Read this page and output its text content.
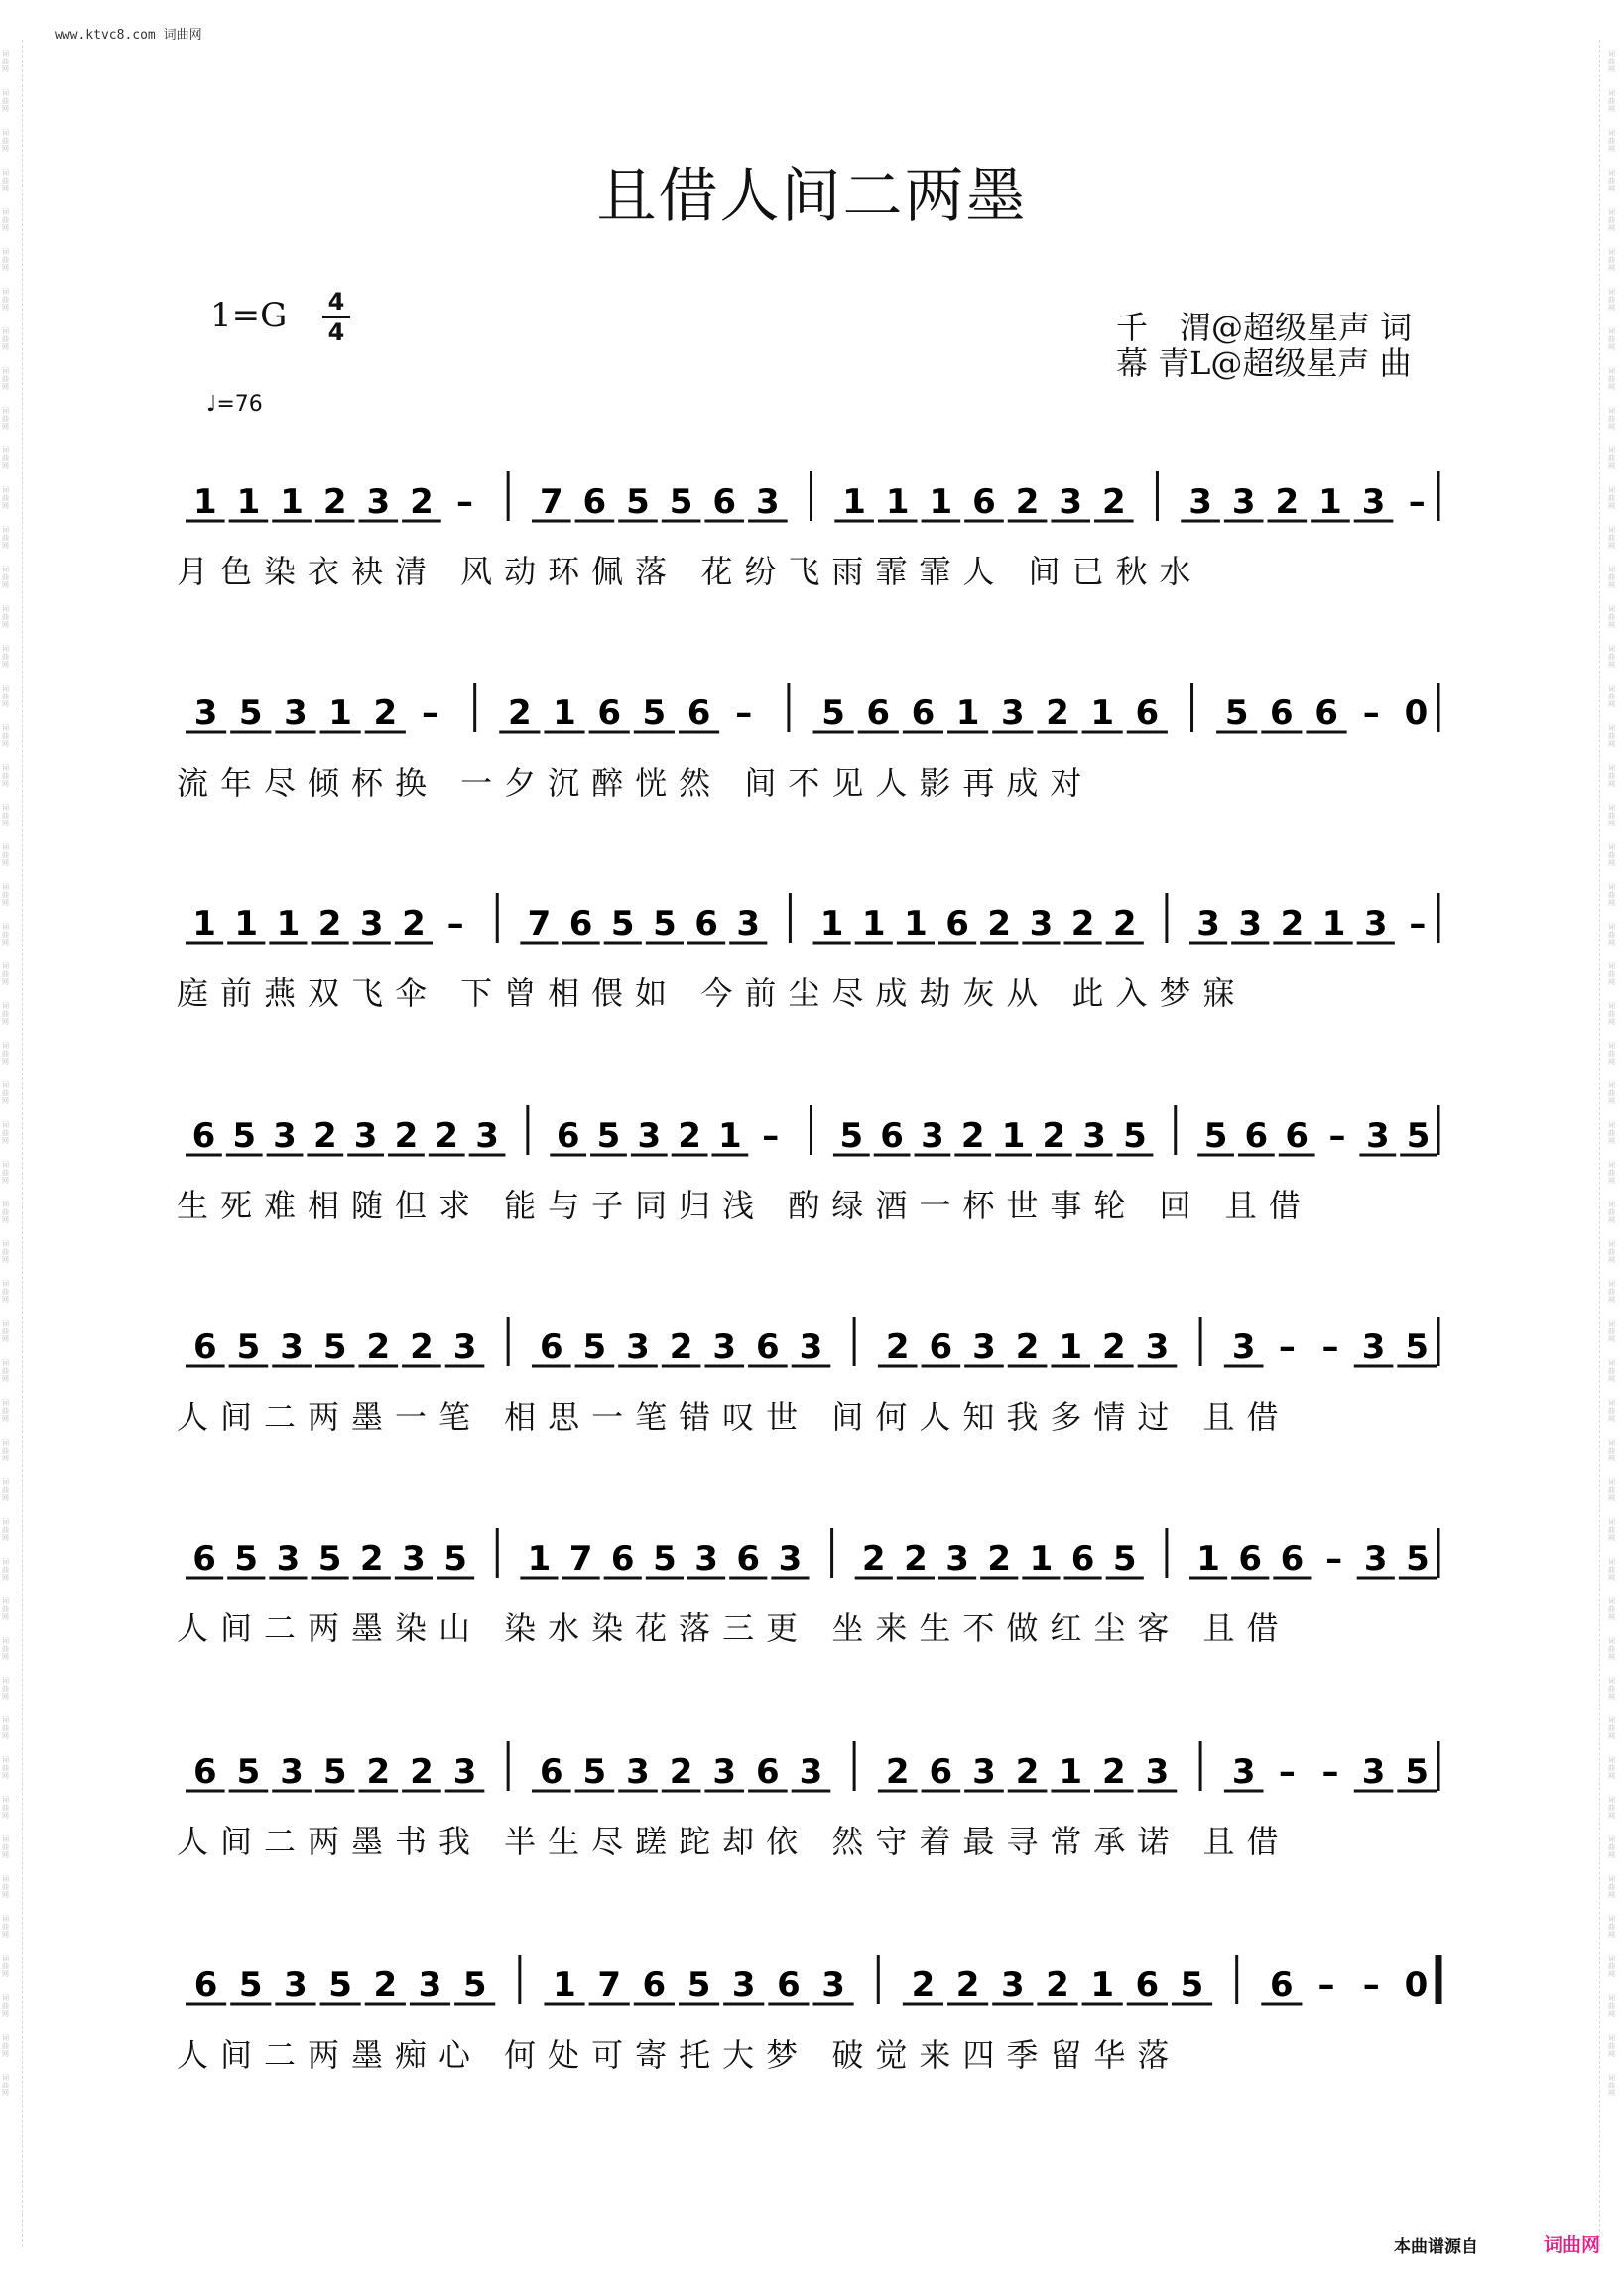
词
曲
网

词
曲
网

词
曲
网

词
曲
网

词
曲
网

词
曲
网

词
曲
网

词
曲
网

词
曲
网

词
曲
网

词
曲
网

词
曲
网

词
曲
网

词
曲
网

词
曲
网

词
曲
网

词
曲
网

词
曲
网

词
曲
网

词
曲
网

词
曲
网

词
曲
网

词
曲
网

词
曲
网

词
曲
网

词
曲
网

词
曲
网

词
曲
网

词
曲
网

词
曲
网

词
曲
网

词
曲
网

词
曲
网

词
曲
网

词
曲
网

词
曲
网

词
曲
网

词
曲
网

词
曲
网

词
曲
网

词
曲
网

词
曲
网

词
曲
网

词
曲
网

词
曲
网

词
曲
网

词
曲
网

词
曲
网

词
曲
网

词
曲
网

词
曲
网

词
曲
网

词
曲
网

词
曲
网

词
曲
网

词
曲
网

词
曲
网

词
曲
网

词
曲
网

词
曲
网

词
曲
网

词
曲
网

词
曲
网

词
曲
网

词
曲
网

词
曲
网

词
曲
网

词
曲
网

词
曲
网

词
曲
网

词
曲
网

词
曲
网

词
曲
网

词
曲
网

词
曲
网

词
曲
网

词
曲
网

词
曲
网

词
曲
网

词
曲
网

词
曲
网

词
曲
网

词
曲
网

词
曲
网

词
曲
网

词
曲
网

词
曲
网

词
曲
网

词
曲
网

词
曲
网

词
曲
网

词
曲
网

词
曲
网

词
曲
网

词
曲
网

词
曲
网

词
曲
网

词
曲
网

词
曲
网

词
曲
网

词
曲
网

词
曲
网

词
曲
网

词
曲
网

www.ktvc8.com 词曲网
且借人间二两墨
1=G 4
4
♩=76
千　渭@超级星声 词
幕 青L@超级星声 曲
1 1 1 2 3 2 – 7 6 5 5 6 3 1 1 1 6 2 3 2 3 3 2 1 3 –
月色染衣袂清 风动环佩落 花纷飞雨霏霏人 间已秋水
3 5 3 1 2 – 2 1 6 5 6 – 5 6 6 1 3 2 1 6 5 6 6 – 0
流年尽倾杯换 一夕沉醉恍然 间不见人影再成对
1 1 1 2 3 2 – 7 6 5 5 6 3 1 1 1 6 2 3 2 2 3 3 2 1 3 –
庭前燕双飞伞 下曾相偎如 今前尘尽成劫灰从 此入梦寐
6 5 3 2 3 2 2 3 6 5 3 2 1 – 5 6 3 2 1 2 3 5 5 6 6 – 3 5
生死难相随但求 能与子同归浅 酌绿酒一杯世事轮 回 且借
6 5 3 5 2 2 3 6 5 3 2 3 6 3 2 6 3 2 1 2 3 3 – – 3 5
人间二两墨一笔 相思一笔错叹世 间何人知我多情过 且借
6 5 3 5 2 3 5 1 7 6 5 3 6 3 2 2 3 2 1 6 5 1 6 6 – 3 5
人间二两墨染山 染水染花落三更 坐来生不做红尘客 且借
6 5 3 5 2 2 3 6 5 3 2 3 6 3 2 6 3 2 1 2 3 3 – – 3 5
人间二两墨书我 半生尽蹉跎却依 然守着最寻常承诺 且借
6 5 3 5 2 3 5 1 7 6 5 3 6 3 2 2 3 2 1 6 5 6 – – 0
人间二两墨痴心 何处可寄托大梦 破觉来四季留华落
本曲谱源自	词曲网
